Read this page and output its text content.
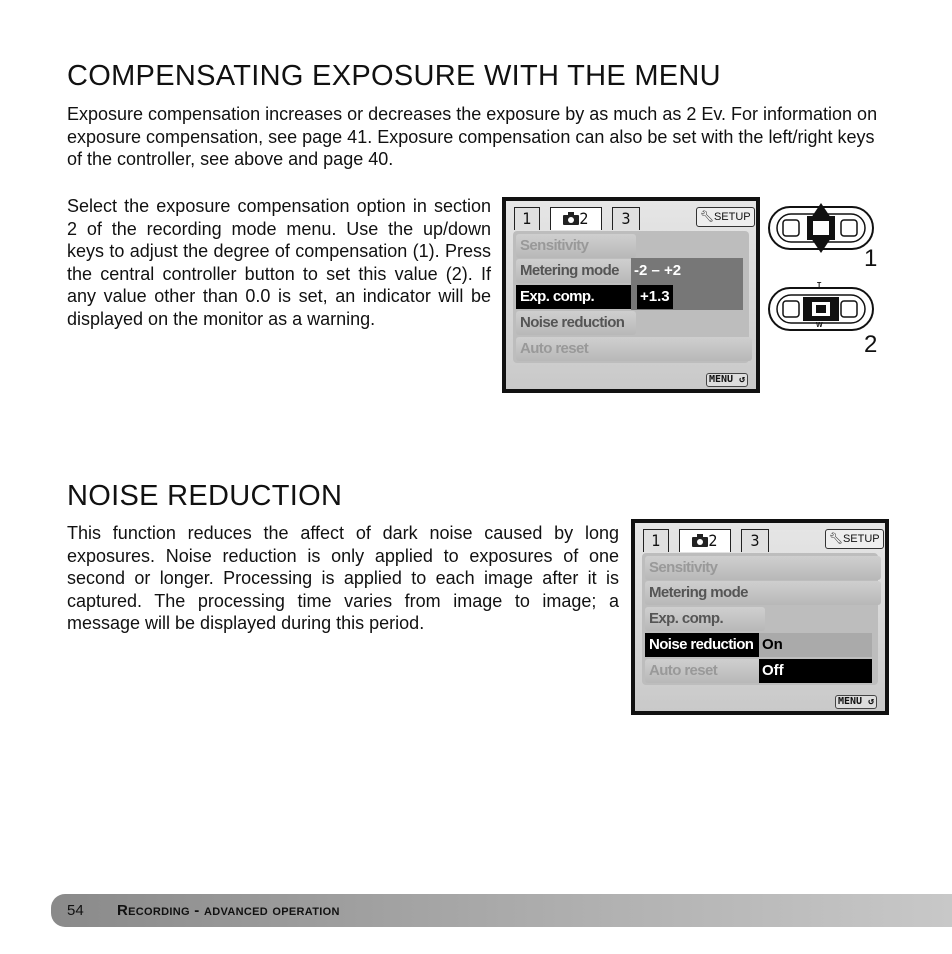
COMPENSATING EXPOSURE WITH THE MENU

Exposure compensation increases or decreases the exposure by as much as 2 Ev. For information on exposure compensation, see page 41. Exposure compensation can also be set with the left/right keys of the controller, see above and page 40.

Select the exposure compensation option in section 2 of the recording mode menu. Use the up/down keys to adjust the degree of compensation (1). Press the central controller button to set this value (2). If any value other than 0.0 is set, an indicator will be displayed on the monitor as a warning.

1	2	3	🔧︎SETUP
Sensitivity
Metering mode
Exp. comp.
Noise reduction
Auto reset
-2 – +2
+1.3
MENU ↺
1
T
W
2
NOISE REDUCTION

This function reduces the affect of dark noise caused by long exposures. Noise reduction is only applied to exposures of one second or longer. Processing is applied to each image after it is captured. The processing time varies from image to image; a message will be displayed during this period.

1	2	3	🔧︎SETUP
Sensitivity
Metering mode
Exp. comp.
Noise reduction
Auto reset
On
Off
MENU ↺
54 Recording - advanced operation
